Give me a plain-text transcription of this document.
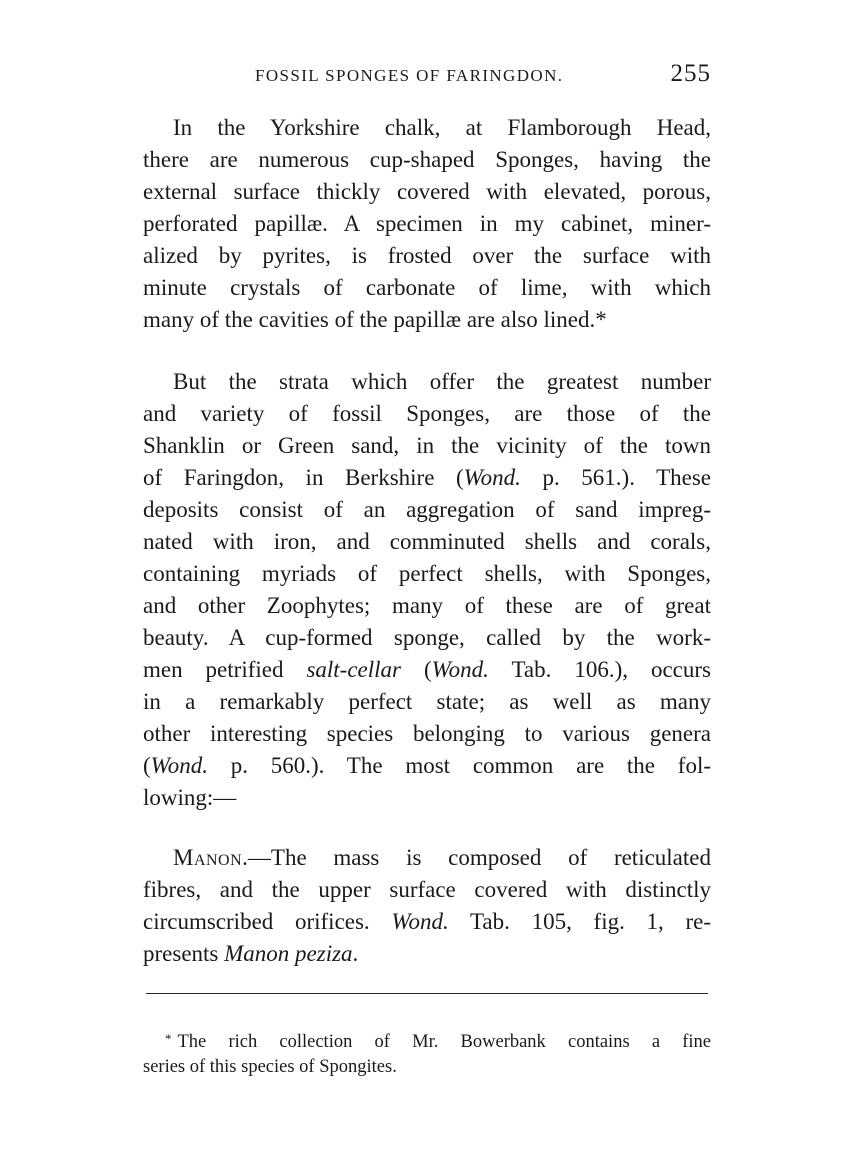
FOSSIL SPONGES OF FARINGDON.	255
In the Yorkshire chalk, at Flamborough Head,
there are numerous cup-shaped Sponges, having the
external surface thickly covered with elevated, porous,
perforated papillæ. A specimen in my cabinet, miner-
alized by pyrites, is frosted over the surface with
minute crystals of carbonate of lime, with which
many of the cavities of the papillæ are also lined.*
But the strata which offer the greatest number
and variety of fossil Sponges, are those of the
Shanklin or Green sand, in the vicinity of the town
of Faringdon, in Berkshire (Wond. p. 561.). These
deposits consist of an aggregation of sand impreg-
nated with iron, and comminuted shells and corals,
containing myriads of perfect shells, with Sponges,
and other Zoophytes; many of these are of great
beauty. A cup-formed sponge, called by the work-
men petrified salt-cellar (Wond. Tab. 106.), occurs
in a remarkably perfect state; as well as many
other interesting species belonging to various genera
(Wond. p. 560.). The most common are the fol-
lowing:—
Manon.—The mass is composed of reticulated
fibres, and the upper surface covered with distinctly
circumscribed orifices. Wond. Tab. 105, fig. 1, re-
presents Manon peziza.
* The rich collection of Mr. Bowerbank contains a fine
series of this species of Spongites.
